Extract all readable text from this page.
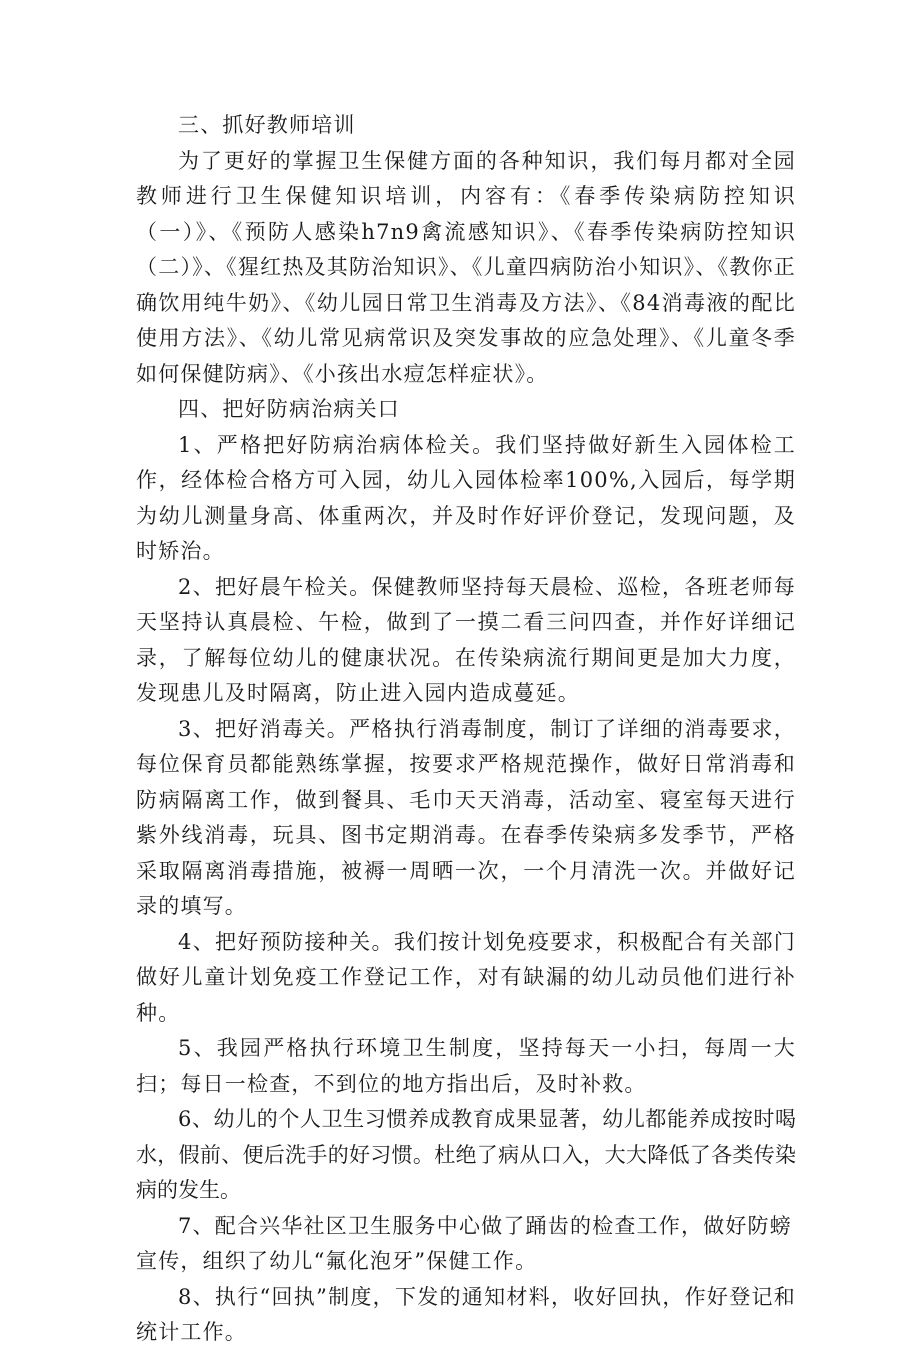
三、抓好教师培训

为了更好的掌握卫生保健方面的各种知识，我们每月都对全园教师进行卫生保健知识培训，内容有：《春季传染病防控知识（一）》、《预防人感染h7n9禽流感知识》、《春季传染病防控知识（二）》、《猩红热及其防治知识》、《儿童四病防治小知识》、《教你正确饮用纯牛奶》、《幼儿园日常卫生消毒及方法》、《84消毒液的配比使用方法》、《幼儿常见病常识及突发事故的应急处理》、《儿童冬季如何保健防病》、《小孩出水痘怎样症状》。

四、把好防病治病关口

1、严格把好防病治病体检关。我们坚持做好新生入园体检工作，经体检合格方可入园，幼儿入园体检率100%,入园后，每学期为幼儿测量身高、体重两次，并及时作好评价登记，发现问题，及时矫治。

2、把好晨午检关。保健教师坚持每天晨检、巡检，各班老师每天坚持认真晨检、午检，做到了一摸二看三问四查，并作好详细记录，了解每位幼儿的健康状况。在传染病流行期间更是加大力度，发现患儿及时隔离，防止进入园内造成蔓延。

3、把好消毒关。严格执行消毒制度，制订了详细的消毒要求，每位保育员都能熟练掌握，按要求严格规范操作，做好日常消毒和防病隔离工作，做到餐具、毛巾天天消毒，活动室、寝室每天进行紫外线消毒，玩具、图书定期消毒。在春季传染病多发季节，严格采取隔离消毒措施，被褥一周晒一次，一个月清洗一次。并做好记录的填写。

4、把好预防接种关。我们按计划免疫要求，积极配合有关部门做好儿童计划免疫工作登记工作，对有缺漏的幼儿动员他们进行补种。

5、我园严格执行环境卫生制度，坚持每天一小扫，每周一大扫；每日一检查，不到位的地方指出后，及时补救。

6、幼儿的个人卫生习惯养成教育成果显著，幼儿都能养成按时喝水，假前、便后洗手的好习惯。杜绝了病从口入，大大降低了各类传染病的发生。

7、配合兴华社区卫生服务中心做了踊齿的检查工作，做好防螃

宣传，组织了幼儿“氟化泡牙”保健工作。

8、执行“回执”制度，下发的通知材料，收好回执，作好登记和统计工作。
